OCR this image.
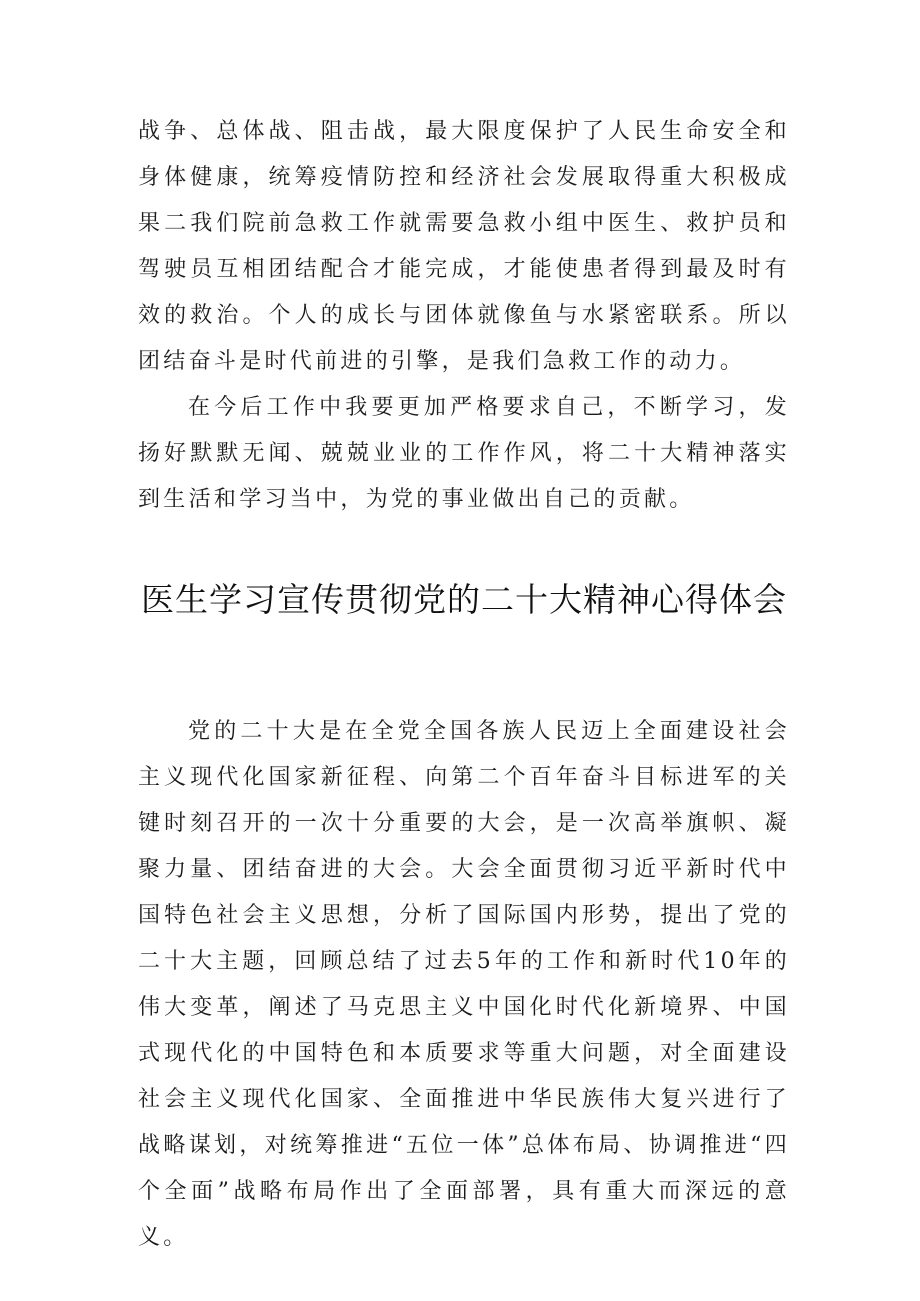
战争、总体战、阻击战，最大限度保护了人民生命安全和身体健康，统筹疫情防控和经济社会发展取得重大积极成果二我们院前急救工作就需要急救小组中医生、救护员和驾驶员互相团结配合才能完成，才能使患者得到最及时有效的救治。个人的成长与团体就像鱼与水紧密联系。所以团结奋斗是时代前进的引擎，是我们急救工作的动力。

在今后工作中我要更加严格要求自己，不断学习，发扬好默默无闻、兢兢业业的工作作风，将二十大精神落实到生活和学习当中，为党的事业做出自己的贡献。

医生学习宣传贯彻党的二十大精神心得体会

党的二十大是在全党全国各族人民迈上全面建设社会主义现代化国家新征程、向第二个百年奋斗目标进军的关键时刻召开的一次十分重要的大会，是一次高举旗帜、凝聚力量、团结奋进的大会。大会全面贯彻习近平新时代中国特色社会主义思想，分析了国际国内形势，提出了党的二十大主题，回顾总结了过去5年的工作和新时代10年的伟大变革，阐述了马克思主义中国化时代化新境界、中国式现代化的中国特色和本质要求等重大问题，对全面建设社会主义现代化国家、全面推进中华民族伟大复兴进行了战略谋划，对统筹推进“五位一体”总体布局、协调推进“四个全面”战略布局作出了全面部署，具有重大而深远的意义。
